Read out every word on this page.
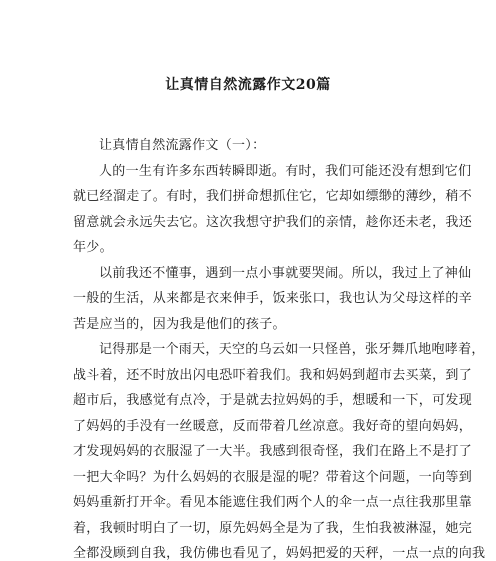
让真情自然流露作文20篇
让真情自然流露作文（一）：
人的一生有许多东西转瞬即逝。有时，我们可能还没有想到它们
就已经溜走了。有时，我们拼命想抓住它，它却如缥缈的薄纱，稍不
留意就会永远失去它。这次我想守护我们的亲情，趁你还未老，我还
年少。
以前我还不懂事，遇到一点小事就要哭闹。所以，我过上了神仙
一般的生活，从来都是衣来伸手，饭来张口，我也认为父母这样的辛
苦是应当的，因为我是他们的孩子。
记得那是一个雨天，天空的乌云如一只怪兽，张牙舞爪地咆哮着，
战斗着，还不时放出闪电恐吓着我们。我和妈妈到超市去买菜，到了
超市后，我感觉有点冷，于是就去拉妈妈的手，想暖和一下，可发现
了妈妈的手没有一丝暖意，反而带着几丝凉意。我好奇的望向妈妈，
才发现妈妈的衣服湿了一大半。我感到很奇怪，我们在路上不是打了
一把大伞吗？为什么妈妈的衣服是湿的呢？带着这个问题，一向等到
妈妈重新打开伞。看见本能遮住我们两个人的伞一点一点往我那里靠
着，我顿时明白了一切，原先妈妈全是为了我，生怕我被淋湿，她完
全都没顾到自我，我仿佛也看见了，妈妈把爱的天秤，一点一点的向我
